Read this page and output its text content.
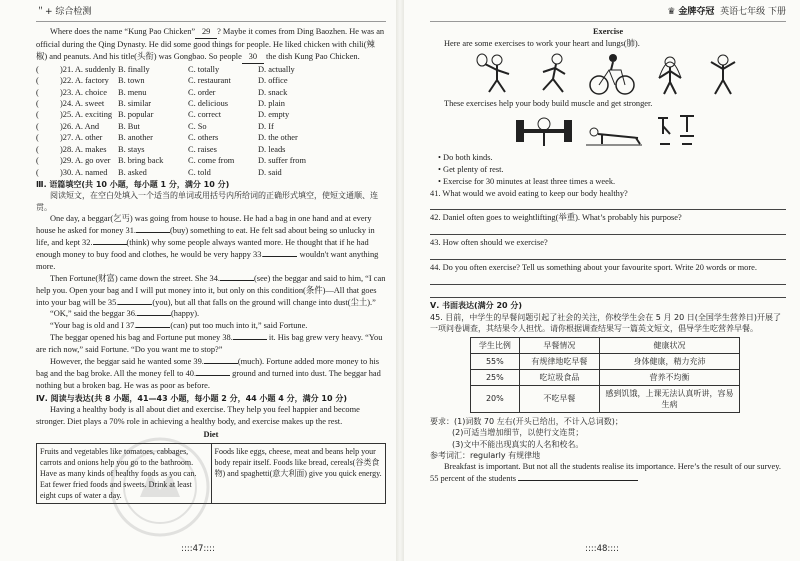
＂+ 综合检测

Where does the name “Kung Pao Chicken” 29 ? Maybe it comes from Ding Baozhen. He was an official during the Qing Dynasty. He did some good things for people. He liked chicken with chili(辣椒) and peanuts. And his title(头衔) was Gongbao. So people 30 the dish Kung Pao Chicken.

(	)21. A. suddenly B. finally	C. totally	D. actually
(	)22. A. factory	B. town	C. restaurant	D. office
(	)23. A. choice	B. menu	C. order	D. snack
(	)24. A. sweet	B. similar	C. delicious	D. plain
(	)25. A. exciting B. popular	C. correct	D. empty
(	)26. A. And	B. But	C. So	D. If
(	)27. A. other	B. another	C. others	D. the other
(	)28. A. makes	B. stays	C. raises	D. leads
(	)29. A. go over B. bring back	C. come from	D. suffer from
(	)30. A. named	B. asked	C. told	D. said

Ⅲ. 语篇填空(共 10 小题，每小题 1 分，满分 10 分)

阅读短文，在空白处填入一个适当的单词或用括号内所给词的正确形式填空，使短文通顺、连贯。

One day, a beggar(乞丐) was going from house to house. He had a bag in one hand and at every house he asked for money 31.	(buy) something to eat. He felt sad about being so unlucky in life, and kept 32.	(think) why some people always wanted more. He thought that if he had enough money to buy food and clothes, he would be very happy 33.	wouldn't want anything more.

Then Fortune(财富) came down the street. She 34.	(see) the beggar and said to him, “I can help you. Open your bag and I will put money into it, but only on this condition(条件)—All that goes into your bag will be 35.	(you), but all that falls on the ground will change into dust(尘土).”

“OK,” said the beggar 36.	(happy).

“Your bag is old and I 37.	(can) put too much into it,” said Fortune.

The beggar opened his bag and Fortune put money 38.	it. His bag grew very heavy. “You are rich now,” said Fortune. “Do you want me to stop?”

However, the beggar said he wanted some 39.	(much). Fortune added more money to his bag and the bag broke. All the money fell to 40.	ground and turned into dust. The beggar had nothing but a broken bag. He was as poor as before.

Ⅳ. 阅读与表达(共 8 小题，41—43 小题，每小题 2 分，44 小题 4 分，满分 10 分)

Having a healthy body is all about diet and exercise. They help you feel happier and become stronger. Diet plays a 70% role in achieving a healthy body, and exercise makes up the rest.

Diet

Fruits and vegetables like tomatoes, cabbages, carrots and onions help you go to the bathroom. Have as many kinds of healthy foods as you can. Eat fewer fried foods and sweets. Drink at least eight cups of water a day.	Foods like eggs, cheese, meat and beans help your body repair itself. Foods like bread, cereals(谷类食物) and spaghetti(意大利面) give you quick energy.
::::47::::
♛ 金牌夺冠 英语七年级 下册

Exercise

Here are some exercises to work your heart and lungs(肺).

These exercises help your body build muscle and get stronger.

• Do both kinds.
• Get plenty of rest.
• Exercise for 30 minutes at least three times a week.

41. What would we avoid eating to keep our body healthy?

42. Daniel often goes to weightlifting(举重). What’s probably his purpose?

43. How often should we exercise?

44. Do you often exercise? Tell us something about your favourite sport. Write 20 words or more.

Ⅴ. 书面表达(满分 20 分)

45. 目前，中学生的早餐问题引起了社会的关注，你校学生会在 5 月 20 日(全国学生营养日)开展了一项问卷调查，其结果令人担忧。请你根据调查结果写一篇英文短文，倡导学生吃营养早餐。

学生比例	早餐情况	健康状况
55%	有规律地吃早餐	身体健康，精力充沛
25%	吃垃圾食品	营养不均衡
20%	不吃早餐	感到饥饿，上课无法认真听讲，容易生病

要求：(1)词数 70 左右(开头已给出，不计入总词数)；

(2)可适当增加细节，以使行文连贯；

(3)文中不能出现真实的人名和校名。

参考词汇：regularly 有规律地

Breakfast is important. But not all the students realise its importance. Here’s the result of our survey. 55 percent of the students

::::48::::
